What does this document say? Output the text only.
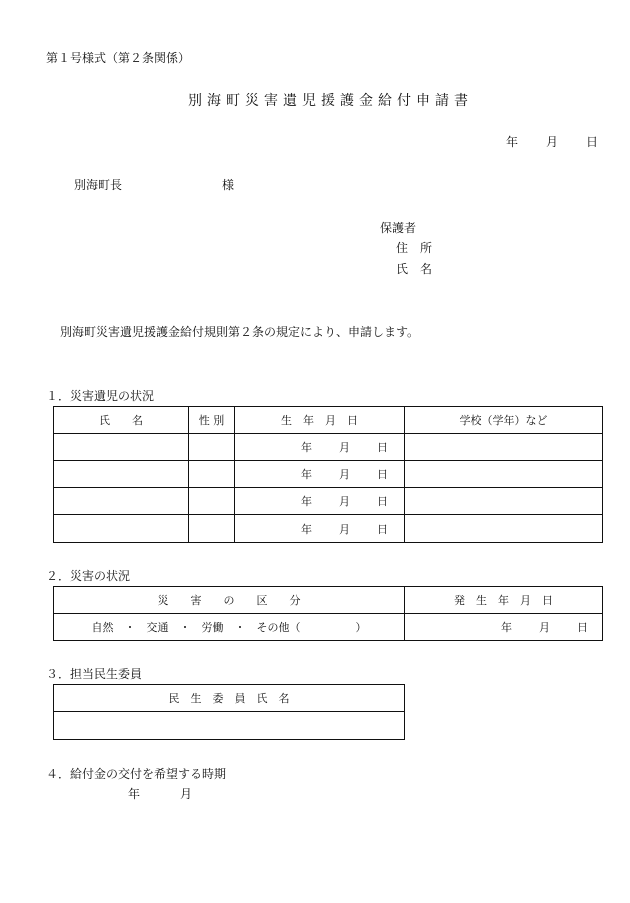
第１号様式（第２条関係）
別海町災害遺児援護金給付申請書
年 月 日
別海町長	様
保護者
住　所
氏　名
別海町災害遺児援護金給付規則第２条の規定により、申請します。
１．災害遺児の状況
氏　　名	性 別	生　年　月　日	学校（学年）など

		年 月 日	

		年 月 日	

		年 月 日	

		年 月 日	

２．災害の状況
災　　害　　の　　区　　分	発　生　年　月　日
自然　・　交通　・　労働　・　その他（　　　　　）	年 月 日
３．担当民生委員
民　生　委　員　氏　名

４．給付金の交付を希望する時期
年	月
